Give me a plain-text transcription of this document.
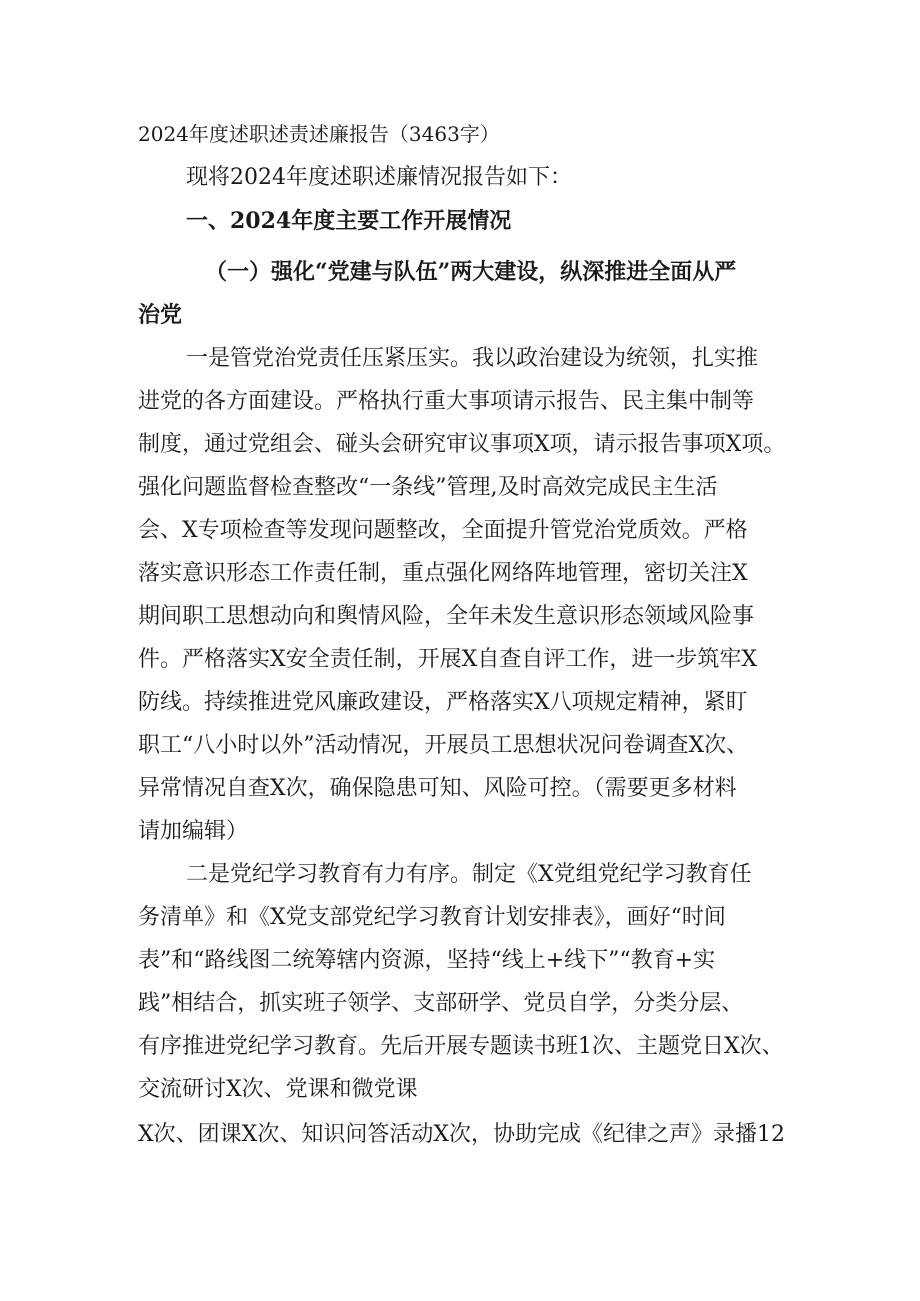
2024年度述职述责述廉报告（3463字）
现将2024年度述职述廉情况报告如下：
一、2024年度主要工作开展情况
（一）强化“党建与队伍”两大建设，纵深推进全面从严
治党
一是管党治党责任压紧压实。我以政治建设为统领，扎实推
进党的各方面建设。严格执行重大事项请示报告、民主集中制等
制度，通过党组会、碰头会研究审议事项X项，请示报告事项X项。
强化问题监督检查整改“一条线”管理,及时高效完成民主生活
会、X专项检查等发现问题整改，全面提升管党治党质效。严格
落实意识形态工作责任制，重点强化网络阵地管理，密切关注X
期间职工思想动向和舆情风险，全年未发生意识形态领域风险事
件。严格落实X安全责任制，开展X自查自评工作，进一步筑牢X
防线。持续推进党风廉政建设，严格落实X八项规定精神，紧盯
职工“八小时以外”活动情况，开展员工思想状况问卷调查X次、
异常情况自查X次，确保隐患可知、风险可控。（需要更多材料
请加编辑）
二是党纪学习教育有力有序。制定《X党组党纪学习教育任
务清单》和《X党支部党纪学习教育计划安排表》，画好“时间
表”和“路线图二统筹辖内资源，坚持“线上+线下”“教育+实
践”相结合，抓实班子领学、支部研学、党员自学，分类分层、
有序推进党纪学习教育。先后开展专题读书班1次、主题党日X次、
交流研讨X次、党课和微党课
X次、团课X次、知识问答活动X次，协助完成《纪律之声》录播12
